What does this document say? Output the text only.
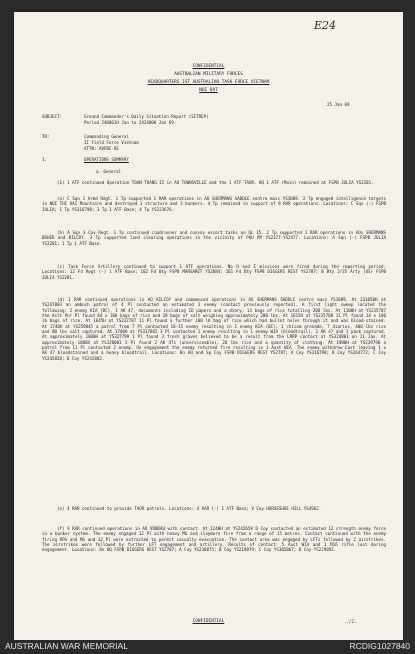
E24
CONFIDENTIAL
AUSTRALIAN MILITARY FORCES
HEADQUARTERS 1ST AUSTRALIAN TASK FORCE VIETNAM
NUI DAT
25 Jan 69
SUBJECT:	Ground Commander's Daily Situation Report (SITREP)
Period 240001H Jan to 242400H Jan 69.
TO:	Commanding General
II Field Force Vietnam
ATTN: AVFBC-RE
1.	OPERATIONS SUMMARY
a. General

(1) 1 ATF continued Operation TOAN THANG II in AO TOWNSVILLE and the 1 ATF TAOR. HQ 1 ATF (Main) remained at FSPB JULIA YS2281.

(a) C Sqn 1 Armd Regt. 1 Tp supported 1 RAR operations in AO SHERMANS SADDLE centre mass YS3089. 2 Tp engaged intelligence targets in NUI THI VAI Mountains and destroyed 1 structure and 3 bunkers. 4 Tp remained in support of 9 RAR operations. Locations: C Sqn (-) FSPB JULIA; 1 Tp YS316798; 3 Tp 1 ATF Base; 4 Tp YS223676.

(b) A Sqn 3 Cav Regt. 1 Tp continued roadrunner and convoy escort tasks on QL 15. 2 Tp supported 1 RAR operations in AOs SHERMANS BOHER and KILCOY. 3 Tp supported land clearing operations in the vicinity of PHU MY YS2377-YS2477. Locations: A Sqn (-) FSPB JULIA YS2281; 1 Tp 1 ATF Base.

(c) Task Force Artillery continued to support 1 ATF operations. No H and I missions were fired during the reporting period. Locations: 12 Fd Regt (-) 1 ATF Base; 102 Fd Bty FSPB MARGARET YS2084; 161 Fd Bty FSPB DIGGERS REST YS2787; B Bty 2/35 Arty (US) FSPB JULIA YS2281.

(d) 1 RAR continued operations in AO KILCOY and commenced operations in AO SHERMANS SADDLE centre mass YS3089. At 231050H at YS247803 an ambush patrol of 4 Pl contacted an estimated 3 enemy (contact previously reported). A first light sweep located the following: 2 enemy KIA (BC), 1 AK 47, documents including ID papers and a diary, 13 bags of rice totalling 200 lbs. At 1100H at YS235787 the Aslt Pnr Pl found 44 x 100 bags of rice and 28 bags of salt weighing approximately 200 lbs. At 1615H at YS235788 11 Pl found 14 x 100 lb bags of rice. At 1645H at YS237787 11 Pl found a further 100 lb bag of rice which had bullet holes through it and was blood-stained. At 1740H at YS259845 a patrol from 7 Pl contacted 10-15 enemy resulting in 1 enemy KIA (BC), 1 chicom grenade, 7 diaries, 400 lbs rice and 80 lbs salt captured. At 1740H at YS317802 3 Pl contacted 1 enemy resulting in 1 enemy WIA (bloodtrail), 1 AK 47 and 1 pack captured. At approximately 1800H at YS327799 1 Pl found 3 fresh graves believed to be a result from the LRRP contact at YS324801 on 21 Jan. At approximately 1800H at YS320001 3 Pl found 2 AK 47s (unserviceable), 20 lbs rice and a quantity of clothing. At 1900H at YS239790 a patrol from 11 Pl contacted 2 enemy. On engagement the enemy returned fire resulting in 1 Aust WIA. The enemy withdrew East leaving 1 x AK 47 bloodstained and a heavy bloodtrail. Locations: Bn HQ and Sp Coy FSPB DIGGERS REST YS2787; A Coy YS316798; B Coy YS264772; C Coy YS245828; D Coy YS242802.

(e) 4 RAR continued to provide TAOR patrols. Locations: 4 RAR (-) 1 ATF Base; V Coy HORSESHOE HILL YS4962.

(f) 9 RAR continued operations in AO VONDAU with contact. At 1240H at YS242659 D Coy contacted an estimated 12 strength enemy force in a bunker system. The enemy engaged 12 Pl with heavy MG and claymore fire from a range of 15 metres. Contact continued with the enemy firing RPG and MG and 12 Pl were extracted to permit casualty evacuation. The contact area was engaged by LFTs followed by 2 airstrikes. The airstrikes were followed by further LFT engagement and artillery. Results of contact: 5 Aust WIA and 1 M16 rifle lost during engagement. Locations: Bn HQ FSPB DIGGERS REST YS2787; A Coy YS230875; B Coy YS219879; C Coy YS305867; D Coy YS229893.

CONFIDENTIAL	../2.
AUSTRALIAN WAR MEMORIAL	RCDIG1027840
